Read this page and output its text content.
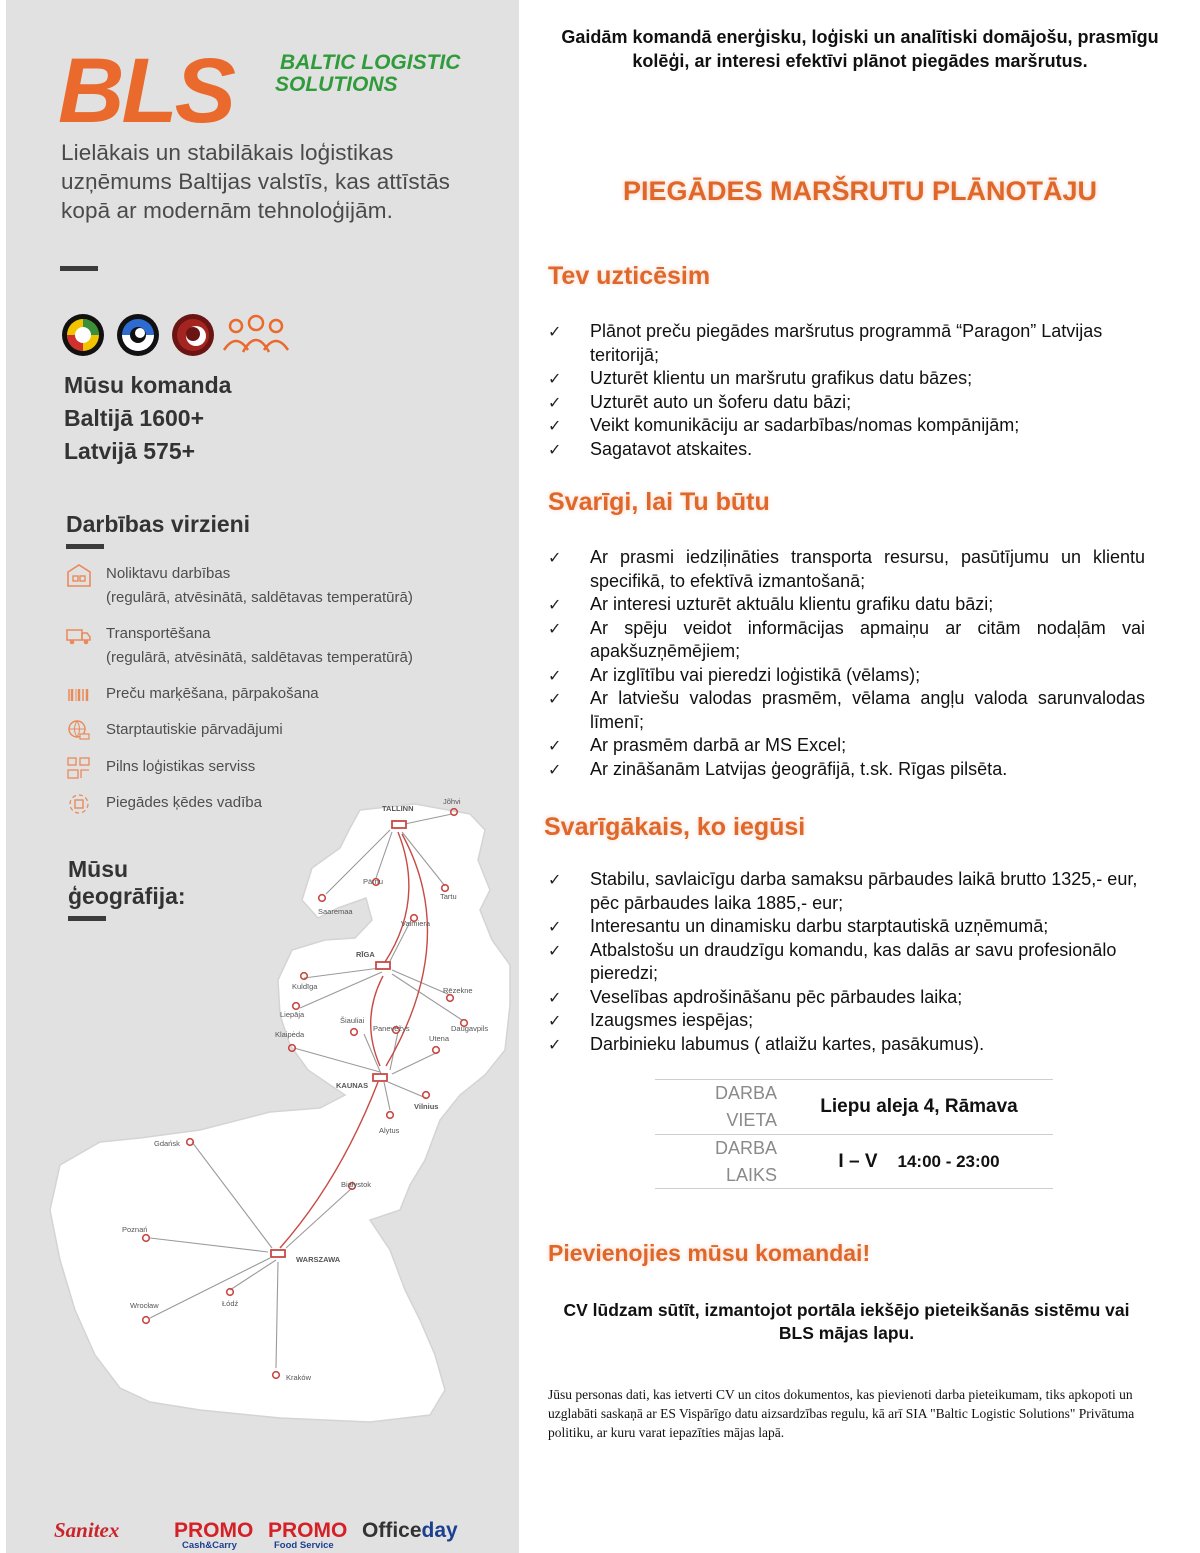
BLS BALTIC LOGISTIC
SOLUTIONS
Lielākais un stabilākais loģistikas uzņēmums Baltijas valstīs, kas attīstās kopā ar modernām tehnoloģijām.
Mūsu komanda
Baltijā 1600+
Latvijā 575+
Darbības virzieni
Noliktavu darbības
(regulārā, atvēsinātā, saldētavas temperatūrā)
Transportēšana
(regulārā, atvēsinātā, saldētavas temperatūrā)
Preču marķēšana, pārpakošana
Starptautiskie pārvadājumi
Pilns loģistikas serviss
Piegādes ķēdes vadība	TALLINN
RĪGA
KAUNAS
WARSZAWA
Jõhvi
Pärnu
Tartu
Saaremaa
Valmiera
Kuldīga
Liepāja
Šiauliai
Panevėžys
Rēzekne
Daugavpils
Klaipėda	Utena
Vilnius
Alytus
Gdańsk
Białystok
Poznań
Łódź
Wrocław
Kraków
Mūsu
ģeogrāfija:
Sanitex	PROMO
Cash&Carry
PROMO
Food Service
Officeday
Gaidām komandā enerģisku, loģiski un analītiski domājošu, prasmīgu kolēģi, ar interesi efektīvi plānot piegādes maršrutus.
PIEGĀDES MARŠRUTU PLĀNOTĀJU
Tev uzticēsim
✓ Plānot preču piegādes maršrutus programmā “Paragon” Latvijas teritorijā;
✓ Uzturēt klientu un maršrutu grafikus datu bāzes;
✓ Uzturēt auto un šoferu datu bāzi;
✓ Veikt komunikāciju ar sadarbības/nomas kompānijām;
✓ Sagatavot atskaites.
Svarīgi, lai Tu būtu
✓ Ar prasmi iedziļināties transporta resursu, pasūtījumu un klientu specifikā, to efektīvā izmantošanā;
✓ Ar interesi uzturēt aktuālu klientu grafiku datu bāzi;
✓ Ar spēju veidot informācijas apmaiņu ar citām nodaļām vai apakšuzņēmējiem;
✓ Ar izglītību vai pieredzi loģistikā (vēlams);
✓ Ar latviešu valodas prasmēm, vēlama angļu valoda sarunvalodas līmenī;
✓ Ar prasmēm darbā ar MS Excel;
✓ Ar zināšanām Latvijas ģeogrāfijā, t.sk. Rīgas pilsēta.
Svarīgākais, ko iegūsi
✓ Stabilu, savlaicīgu darba samaksu pārbaudes laikā brutto 1325,- eur, pēc pārbaudes laika 1885,- eur;
✓ Interesantu un dinamisku darbu starptautiskā uzņēmumā;
✓ Atbalstošu un draudzīgu komandu, kas dalās ar savu profesionālo pieredzi;
✓ Veselības apdrošināšanu pēc pārbaudes laika;
✓ Izaugsmes iespējas;
✓ Darbinieku labumus ( atlaižu kartes, pasākumus).
DARBA
VIETA
Liepu aleja 4, Rāmava
DARBA
LAIKS
I – V 14:00 - 23:00
Pievienojies mūsu komandai!
CV lūdzam sūtīt, izmantojot portāla iekšējo pieteikšanās sistēmu vai BLS mājas lapu.
Jūsu personas dati, kas ietverti CV un citos dokumentos, kas pievienoti darba pieteikumam, tiks apkopoti un uzglabāti saskaņā ar ES Vispārīgo datu aizsardzības regulu, kā arī SIA "Baltic Logistic Solutions" Privātuma politiku, ar kuru varat iepazīties mājas lapā.
